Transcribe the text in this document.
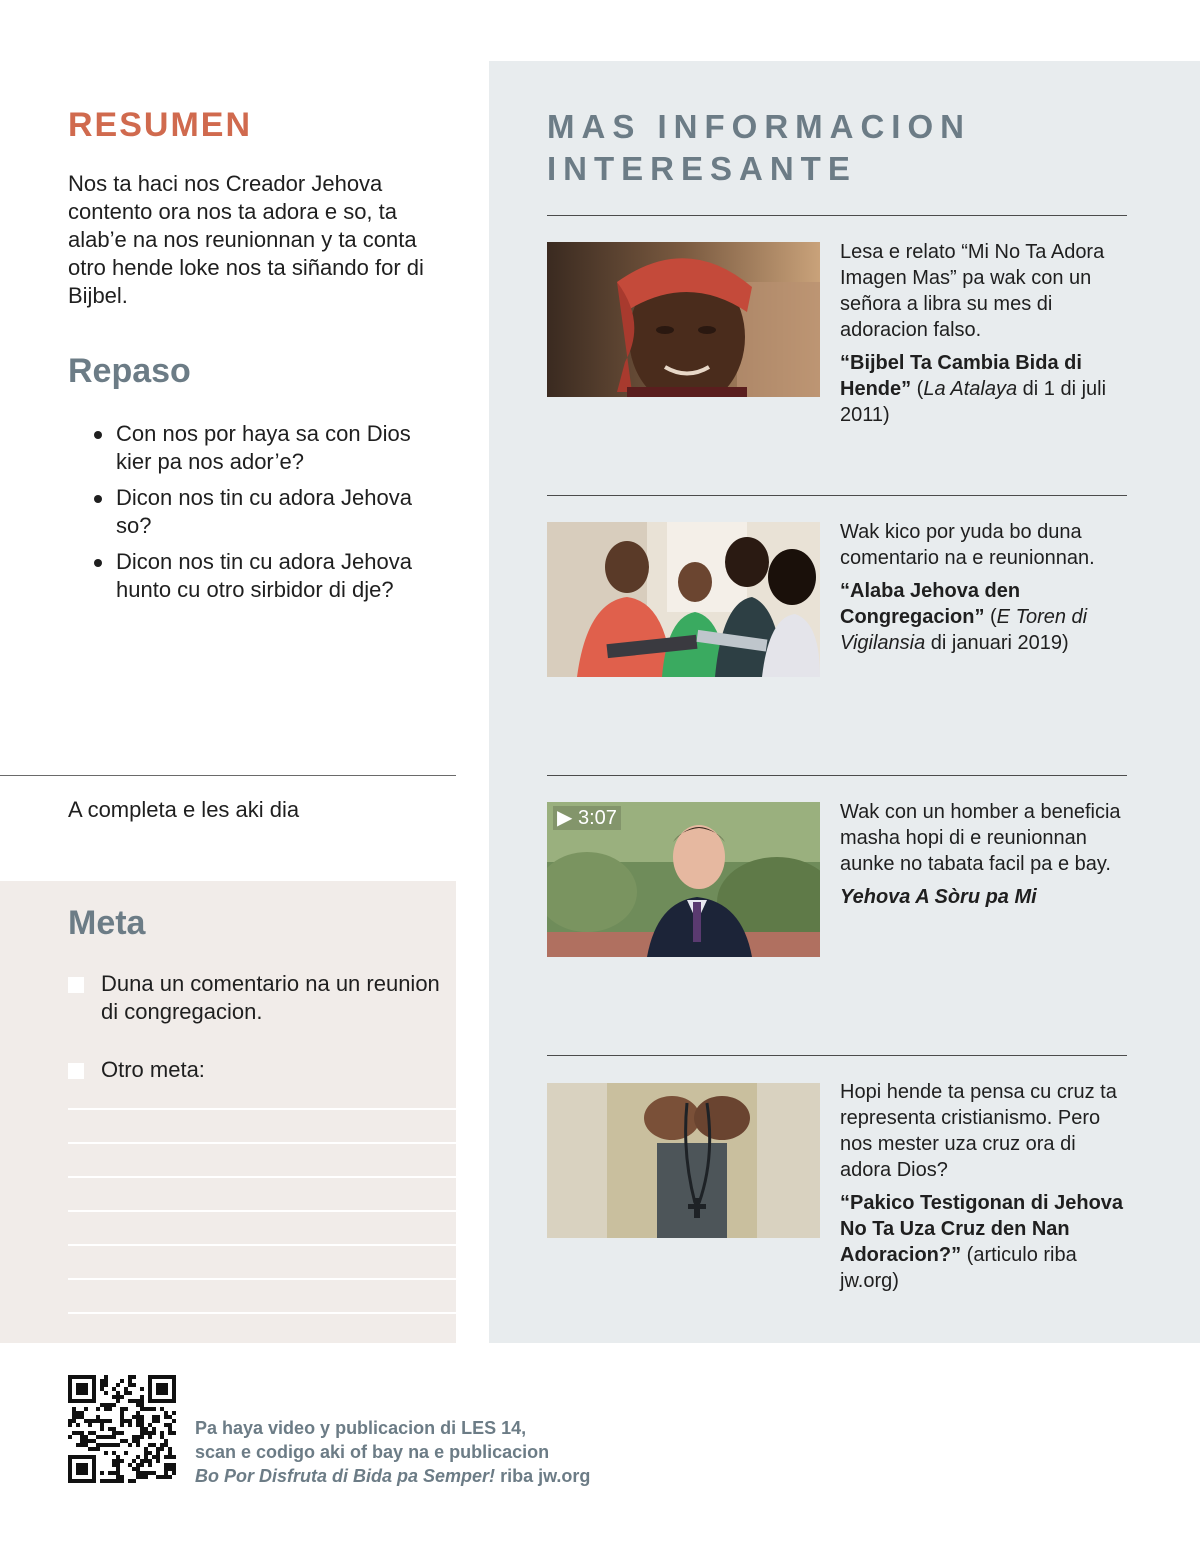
RESUMEN

Nos ta haci nos Creador Jehova contento ora nos ta adora e so, ta alab’e na nos reunionnan y ta conta otro hende loke nos ta siñando for di Bijbel.

Repaso
Con nos por haya sa con Dios kier pa nos ador’e?
Dicon nos tin cu adora Jehova so?
Dicon nos tin cu adora Jehova hunto cu otro sirbidor di dje?
A completa e les aki dia
Meta
Duna un comentario na un reunion di congregacion.
Otro meta:
MAS INFORMACION
INTERESANTE

Lesa e relato “Mi No Ta Adora Imagen Mas” pa wak con un señora a libra su mes di adoracion falso.

“Bijbel Ta Cambia Bida di Hende” (La Atalaya di 1 di juli 2011)

Wak kico por yuda bo duna comentario na e reunionnan.

“Alaba Jehova den Congregacion” (E Toren di Vigilansia di januari 2019)

▶ 3:07	Wak con un homber a beneficia masha hopi di e reunionnan aunke no tabata facil pa e bay.

Yehova A Sòru pa Mi

Hopi hende ta pensa cu cruz ta representa cristianismo. Pero nos mester uza cruz ora di adora Dios?

“Pakico Testigonan di Jehova No Ta Uza Cruz den Nan Adoracion?” (articulo riba jw.org)

Pa haya video y publicacion di LES 14,
scan e codigo aki of bay na e publicacion
Bo Por Disfruta di Bida pa Semper! riba jw.org
